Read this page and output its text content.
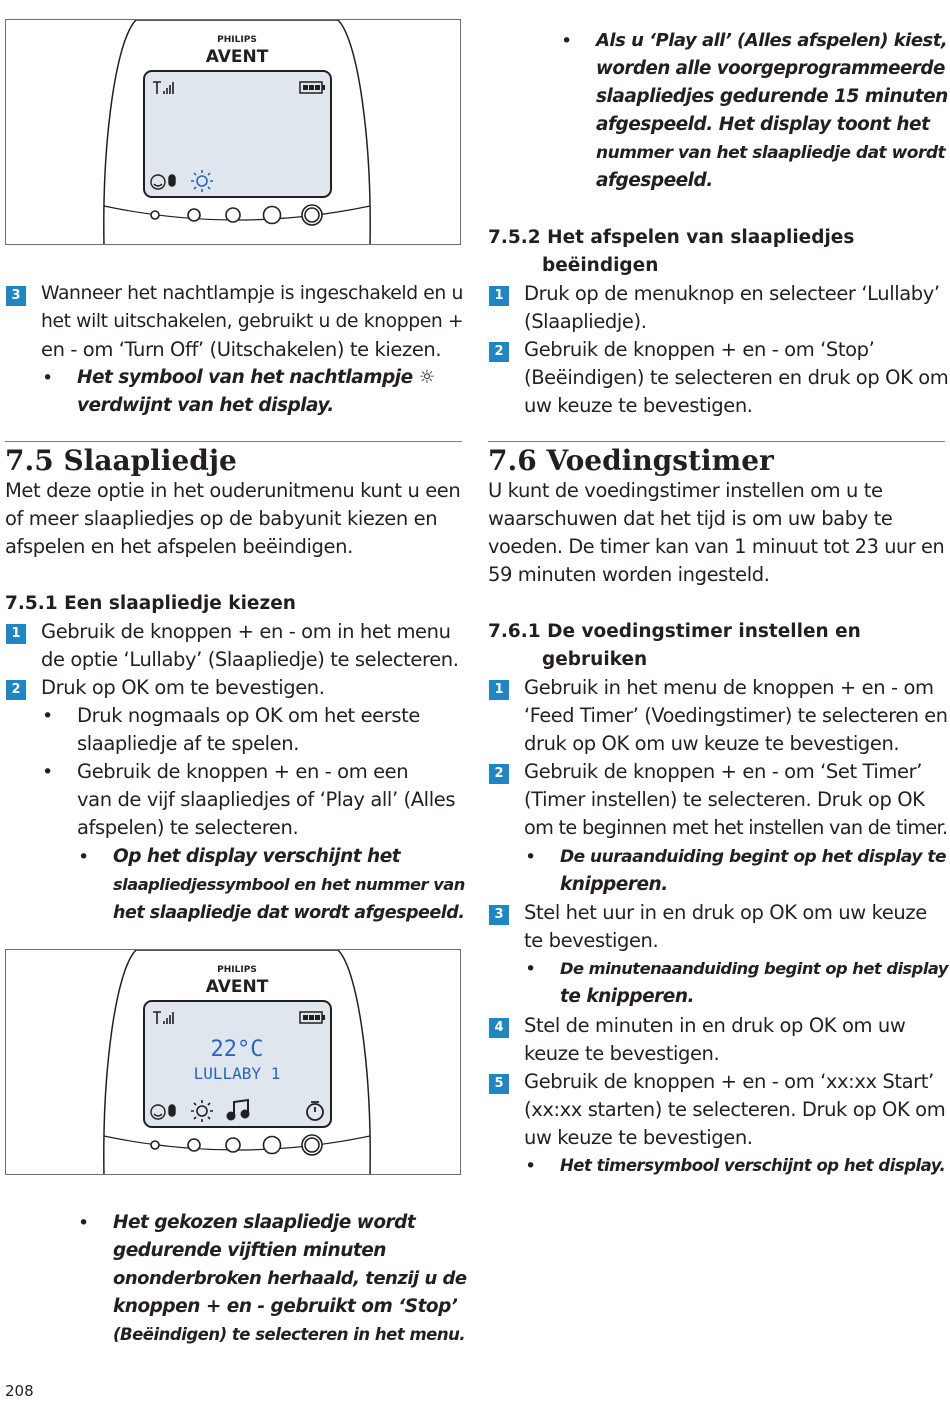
PHILIPS
AVENT
3 Wanneer het nachtlampje is ingeschakeld en u
het wilt uitschakelen, gebruikt u de knoppen +
en - om ‘Turn Off’ (Uitschakelen) te kiezen.
• Het symbool van het nachtlampje ☼
verdwijnt van het display.
7.5 Slaapliedje
Met deze optie in het ouderunitmenu kunt u een
of meer slaapliedjes op de babyunit kiezen en
afspelen en het afspelen beëindigen.
7.5.1 Een slaapliedje kiezen
1 Gebruik de knoppen + en - om in het menu
de optie ‘Lullaby’ (Slaapliedje) te selecteren.
2 Druk op OK om te bevestigen.
• Druk nogmaals op OK om het eerste
slaapliedje af te spelen.
• Gebruik de knoppen + en - om een
van de vijf slaapliedjes of ‘Play all’ (Alles
afspelen) te selecteren.
• Op het display verschijnt het
slaapliedjessymbool en het nummer van
het slaapliedje dat wordt afgespeeld.
PHILIPS
AVENT
22°C
LULLABY 1
• Het gekozen slaapliedje wordt
gedurende vijftien minuten
ononderbroken herhaald, tenzij u de
knoppen + en - gebruikt om ‘Stop’
(Beëindigen) te selecteren in het menu.
• Als u ‘Play all’ (Alles afspelen) kiest,
worden alle voorgeprogrammeerde
slaapliedjes gedurende 15 minuten
afgespeeld. Het display toont het
nummer van het slaapliedje dat wordt
afgespeeld.
7.5.2 Het afspelen van slaapliedjes
beëindigen
1 Druk op de menuknop en selecteer ‘Lullaby’
(Slaapliedje).
2 Gebruik de knoppen + en - om ‘Stop’
(Beëindigen) te selecteren en druk op OK om
uw keuze te bevestigen.
7.6 Voedingstimer
U kunt de voedingstimer instellen om u te
waarschuwen dat het tijd is om uw baby te
voeden. De timer kan van 1 minuut tot 23 uur en
59 minuten worden ingesteld.
7.6.1 De voedingstimer instellen en
gebruiken
1 Gebruik in het menu de knoppen + en - om
‘Feed Timer’ (Voedingstimer) te selecteren en
druk op OK om uw keuze te bevestigen.
2 Gebruik de knoppen + en - om ‘Set Timer’
(Timer instellen) te selecteren. Druk op OK
om te beginnen met het instellen van de timer.
• De uuraanduiding begint op het display te
knipperen.
3 Stel het uur in en druk op OK om uw keuze
te bevestigen.
• De minutenaanduiding begint op het display
te knipperen.
4 Stel de minuten in en druk op OK om uw
keuze te bevestigen.
5 Gebruik de knoppen + en - om ‘xx:xx Start’
(xx:xx starten) te selecteren. Druk op OK om
uw keuze te bevestigen.
• Het timersymbool verschijnt op het display.
208
